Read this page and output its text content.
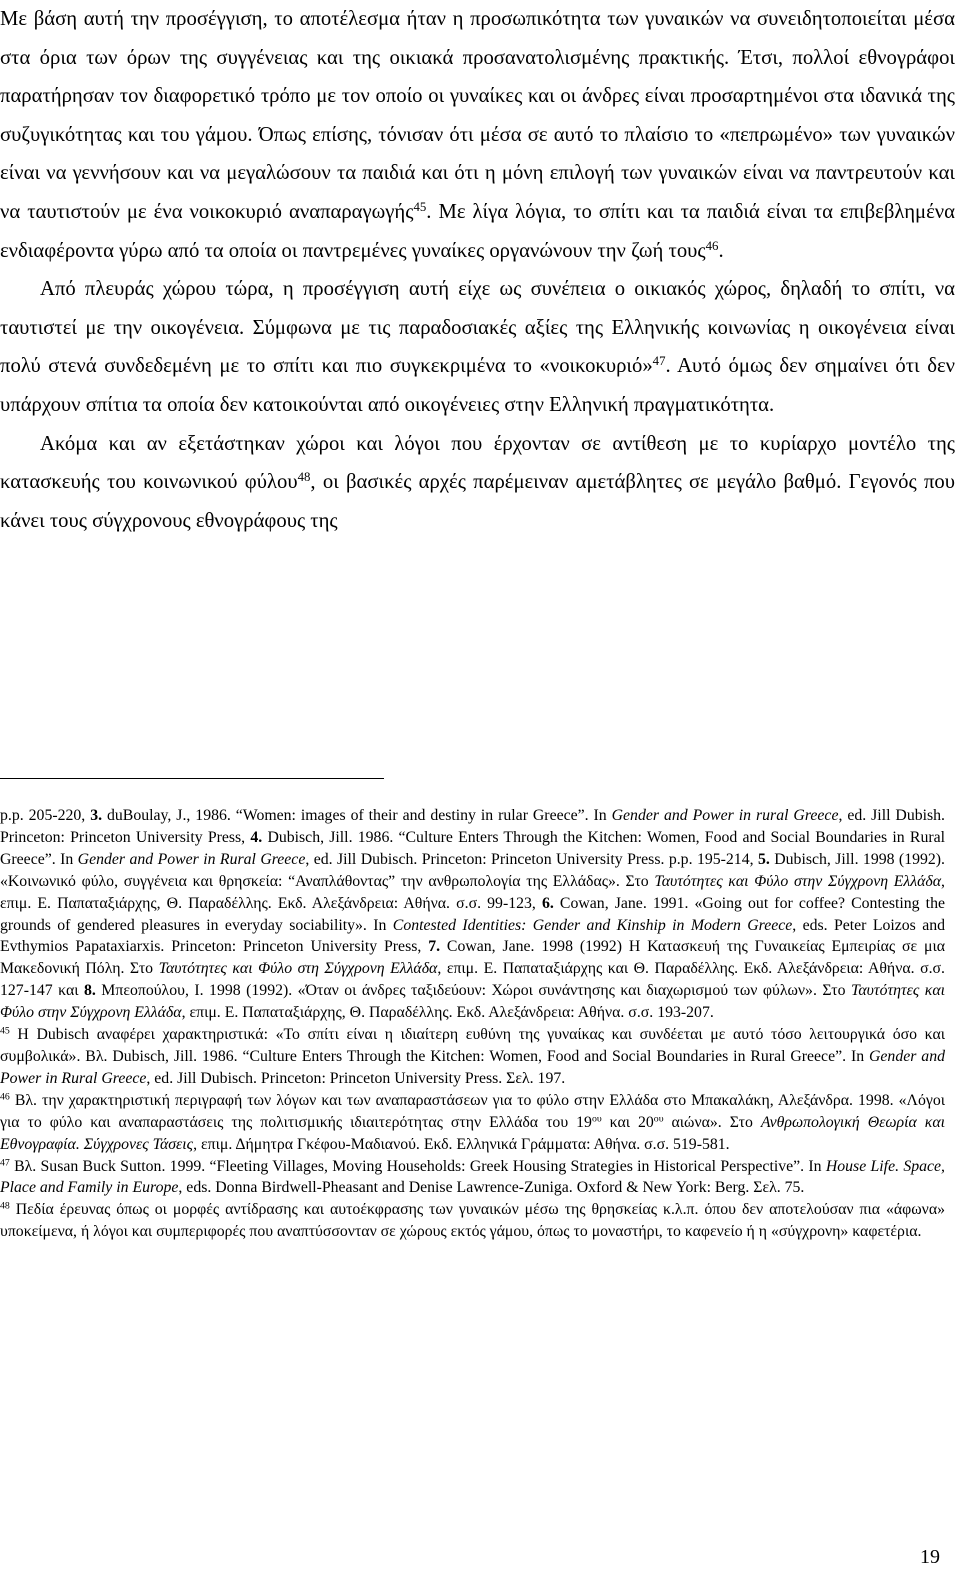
Με βάση αυτή την προσέγγιση, το αποτέλεσμα ήταν η προσωπικότητα των γυναικών να συνειδητοποιείται μέσα στα όρια των όρων της συγγένειας και της οικιακά προσανατολισμένης πρακτικής. Έτσι, πολλοί εθνογράφοι παρατήρησαν τον διαφορετικό τρόπο με τον οποίο οι γυναίκες και οι άνδρες είναι προσαρτημένοι στα ιδανικά της συζυγικότητας και του γάμου. Όπως επίσης, τόνισαν ότι μέσα σε αυτό το πλαίσιο το «πεπρωμένο» των γυναικών είναι να γεννήσουν και να μεγαλώσουν τα παιδιά και ότι η μόνη επιλογή των γυναικών είναι να παντρευτούν και να ταυτιστούν με ένα νοικοκυριό αναπαραγωγής$^{45}$. Με λίγα λόγια, το σπίτι και τα παιδιά είναι τα επιβεβλημένα ενδιαφέροντα γύρω από τα οποία οι παντρεμένες γυναίκες οργανώνουν την ζωή τους$^{46}$.

Από πλευράς χώρου τώρα, η προσέγγιση αυτή είχε ως συνέπεια ο οικιακός χώρος, δηλαδή το σπίτι, να ταυτιστεί με την οικογένεια. Σύμφωνα με τις παραδοσιακές αξίες της Ελληνικής κοινωνίας η οικογένεια είναι πολύ στενά συνδεδεμένη με το σπίτι και πιο συγκεκριμένα το «νοικοκυριό»$^{47}$. Αυτό όμως δεν σημαίνει ότι δεν υπάρχουν σπίτια τα οποία δεν κατοικούνται από οικογένειες στην Ελληνική πραγματικότητα.

Ακόμα και αν εξετάστηκαν χώροι και λόγοι που έρχονταν σε αντίθεση με το κυρίαρχο μοντέλο της κατασκευής του κοινωνικού φύλου$^{48}$, οι βασικές αρχές παρέμειναν αμετάβλητες σε μεγάλο βαθμό. Γεγονός που κάνει τους σύγχρονους εθνογράφους της

p.p. 205-220, 3. duBoulay, J., 1986. “Women: images of their and destiny in rular Greece”. In Gender and Power in rural Greece, ed. Jill Dubish. Princeton: Princeton University Press, 4. Dubisch, Jill. 1986. “Culture Enters Through the Kitchen: Women, Food and Social Boundaries in Rural Greece”. In Gender and Power in Rural Greece, ed. Jill Dubisch. Princeton: Princeton University Press. p.p. 195-214, 5. Dubisch, Jill. 1998 (1992). «Κοινωνικό φύλο, συγγένεια και θρησκεία: “Αναπλάθοντας” την ανθρωπολογία της Ελλάδας». Στο Ταυτότητες και Φύλο στην Σύγχρονη Ελλάδα, επιμ. Ε. Παπαταξιάρχης, Θ. Παραδέλλης. Εκδ. Αλεξάνδρεια: Αθήνα. σ.σ. 99-123, 6. Cowan, Jane. 1991. «Going out for coffee? Contesting the grounds of gendered pleasures in everyday sociability». In Contested Identities: Gender and Kinship in Modern Greece, eds. Peter Loizos and Evthymios Papataxiarxis. Princeton: Princeton University Press, 7. Cowan, Jane. 1998 (1992) Η Κατασκευή της Γυναικείας Εμπειρίας σε μια Μακεδονική Πόλη. Στο Ταυτότητες και Φύλο στη Σύγχρονη Ελλάδα, επιμ. Ε. Παπαταξιάρχης και Θ. Παραδέλλης. Εκδ. Αλεξάνδρεια: Αθήνα. σ.σ. 127-147 και 8. Μπεοπούλου, Ι. 1998 (1992). «Όταν οι άνδρες ταξιδεύουν: Χώροι συνάντησης και διαχωρισμού των φύλων». Στο Ταυτότητες και Φύλο στην Σύγχρονη Ελλάδα, επιμ. Ε. Παπαταξιάρχης, Θ. Παραδέλλης. Εκδ. Αλεξάνδρεια: Αθήνα. σ.σ. 193-207.

$^{45}$ Η Dubisch αναφέρει χαρακτηριστικά: «Το σπίτι είναι η ιδιαίτερη ευθύνη της γυναίκας και συνδέεται με αυτό τόσο λειτουργικά όσο και συμβολικά». Βλ. Dubisch, Jill. 1986. “Culture Enters Through the Kitchen: Women, Food and Social Boundaries in Rural Greece”. In Gender and Power in Rural Greece, ed. Jill Dubisch. Princeton: Princeton University Press. Σελ. 197.

$^{46}$ Βλ. την χαρακτηριστική περιγραφή των λόγων και των αναπαραστάσεων για το φύλο στην Ελλάδα στο Μπακαλάκη, Αλεξάνδρα. 1998. «Λόγοι για το φύλο και αναπαραστάσεις της πολιτισμικής ιδιαιτερότητας στην Ελλάδα του $19^{o\upsilon}$ και $20^{o\upsilon}$ αιώνα». Στο Ανθρωπολογική Θεωρία και Εθνογραφία. Σύγχρονες Τάσεις, επιμ. Δήμητρα Γκέφου-Μαδιανού. Εκδ. Ελληνικά Γράμματα: Αθήνα. σ.σ. 519-581.

$^{47}$ Βλ. Susan Buck Sutton. 1999. “Fleeting Villages, Moving Households: Greek Housing Strategies in Historical Perspective”. In House Life. Space, Place and Family in Europe, eds. Donna Birdwell-Pheasant and Denise Lawrence-Zuniga. Oxford & New York: Berg. Σελ. 75.

$^{48}$ Πεδία έρευνας όπως οι μορφές αντίδρασης και αυτοέκφρασης των γυναικών μέσω της θρησκείας κ.λ.π. όπου δεν αποτελούσαν πια «άφωνα» υποκείμενα, ή λόγοι και συμπεριφορές που αναπτύσσονταν σε χώρους εκτός γάμου, όπως το μοναστήρι, το καφενείο ή η «σύγχρονη» καφετέρια.

19
